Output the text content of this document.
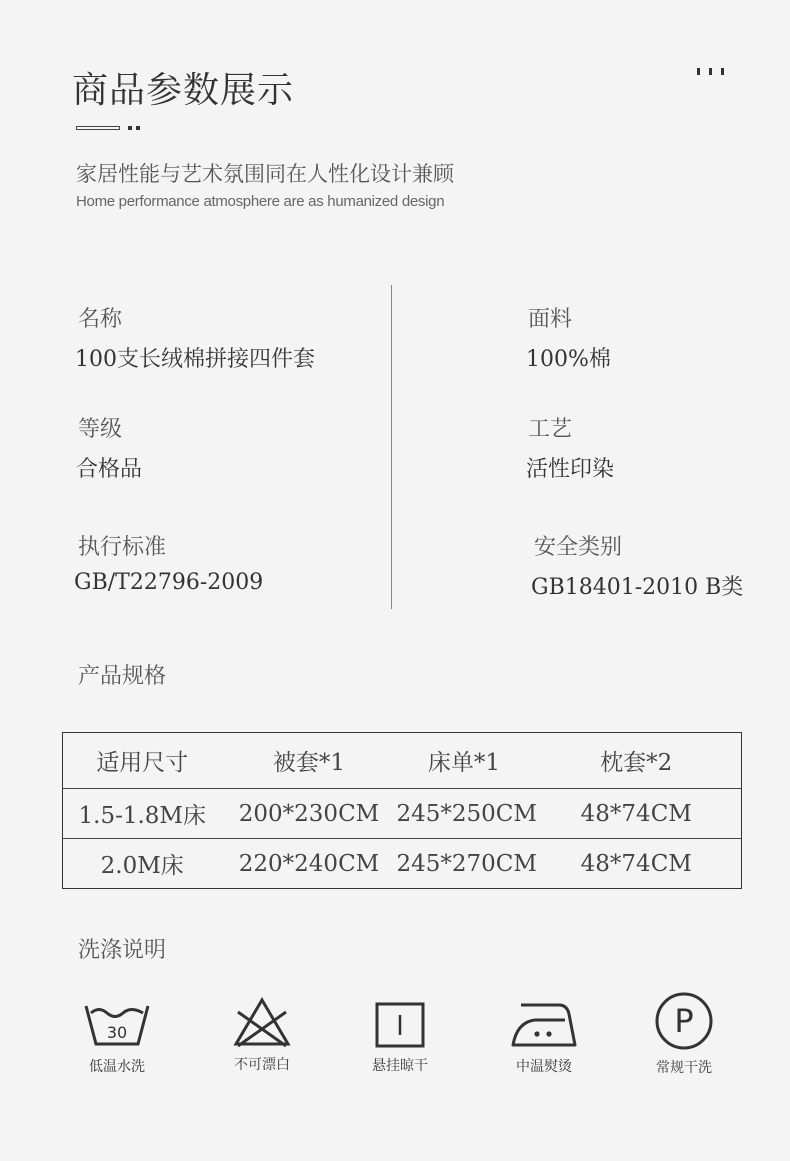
商品参数展示
家居性能与艺术氛围同在人性化设计兼顾
Home performance atmosphere are as humanized design
名称
100支长绒棉拼接四件套
面料
100%棉
等级
合格品
工艺
活性印染
执行标准
GB/T22796-2009
安全类别
GB18401-2010 B类
产品规格
适用尺寸	被套*1	床单*1	枕套*2
1.5-1.8M床	200*230CM	245*250CM	48*74CM
2.0M床	220*240CM	245*270CM	48*74CM
洗涤说明
30
低温水洗	不可漂白	悬挂晾干	中温熨烫
P
常规干洗
